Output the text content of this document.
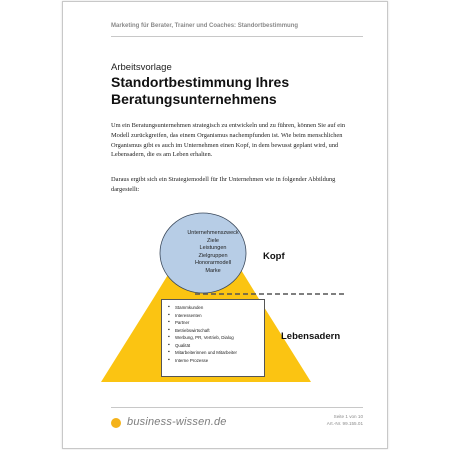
Marketing für Berater, Trainer und Coaches: Standortbestimmung
Arbeitsvorlage
Standortbestimmung Ihres
Beratungsunternehmens
Um ein Beratungsunternehmen strategisch zu entwickeln und zu führen, können Sie auf ein Modell zurückgreifen, das einem Organismus nachempfunden ist. Wie beim menschlichen Organismus gibt es auch im Unternehmen einen Kopf, in dem bewusst geplant wird, und Lebensadern, die es am Leben erhalten.
Daraus ergibt sich ein Strategiemodell für Ihr Unternehmen wie in folgender Abbildung dargestellt:
Unternehmenszweck
Ziele
Leistungen
Zielgruppen
Honorarmodell
Marke
Kopf
Lebensadern
▪ Stammkunden
▪ Interessenten
▪ Partner
▪ Betriebswirtschaft
▪ Werbung, PR, Vertrieb, Dialog
▪ Qualität
▪ Mitarbeiterinnen und Mitarbeiter
▪ Interne Prozesse
business-wissen.de	Seite 1 von 10
Art.-Nr. 99.155.01
